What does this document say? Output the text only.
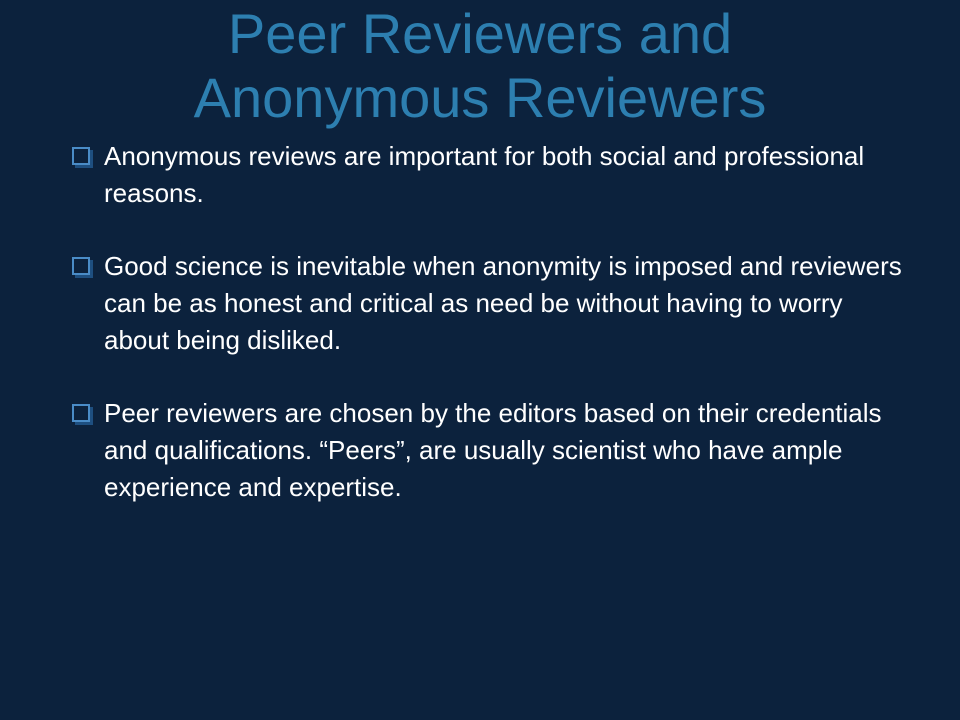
Peer Reviewers and
Anonymous Reviewers
Anonymous reviews are important for both social and professional reasons.
Good science is inevitable when anonymity is imposed and reviewers can be as honest and critical as need be without having to worry about being disliked.
Peer reviewers are chosen by the editors based on their credentials and qualifications. “Peers”, are usually scientist who have ample experience and expertise.
